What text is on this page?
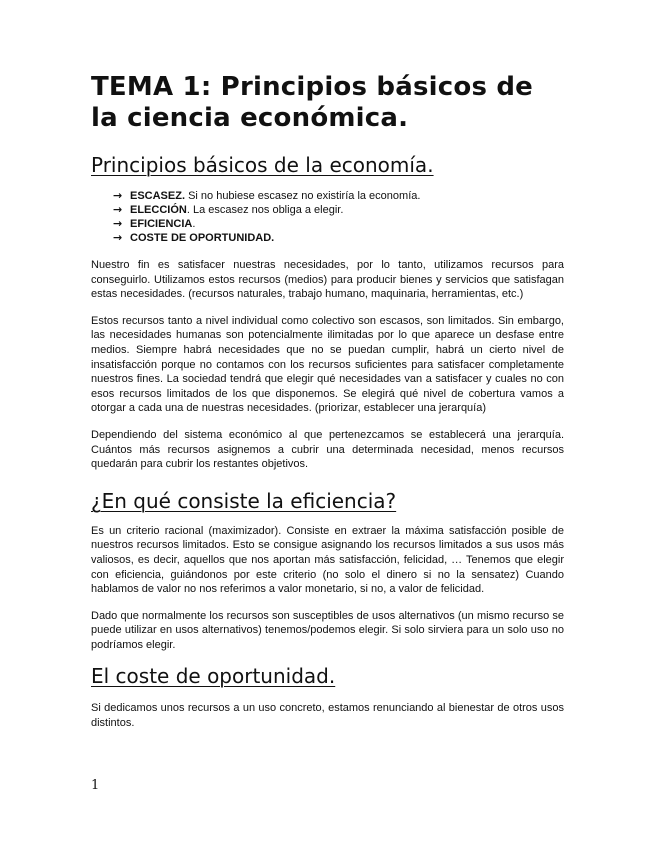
TEMA 1: Principios básicos de la ciencia económica.
Principios básicos de la economía.
→ ESCASEZ. Si no hubiese escasez no existiría la economía.
→ ELECCIÓN. La escasez nos obliga a elegir.
→ EFICIENCIA.
→ COSTE DE OPORTUNIDAD.

Nuestro fin es satisfacer nuestras necesidades, por lo tanto, utilizamos recursos para conseguirlo. Utilizamos estos recursos (medios) para producir bienes y servicios que satisfagan estas necesidades. (recursos naturales, trabajo humano, maquinaria, herramientas, etc.)

Estos recursos tanto a nivel individual como colectivo son escasos, son limitados. Sin embargo, las necesidades humanas son potencialmente ilimitadas por lo que aparece un desfase entre medios. Siempre habrá necesidades que no se puedan cumplir, habrá un cierto nivel de insatisfacción porque no contamos con los recursos suficientes para satisfacer completamente nuestros fines. La sociedad tendrá que elegir qué necesidades van a satisfacer y cuales no con esos recursos limitados de los que disponemos. Se elegirá qué nivel de cobertura vamos a otorgar a cada una de nuestras necesidades. (priorizar, establecer una jerarquía)

Dependiendo del sistema económico al que pertenezcamos se establecerá una jerarquía. Cuántos más recursos asignemos a cubrir una determinada necesidad, menos recursos quedarán para cubrir los restantes objetivos.

¿En qué consiste la eficiencia?

Es un criterio racional (maximizador). Consiste en extraer la máxima satisfacción posible de nuestros recursos limitados. Esto se consigue asignando los recursos limitados a sus usos más valiosos, es decir, aquellos que nos aportan más satisfacción, felicidad, … Tenemos que elegir con eficiencia, guiándonos por este criterio (no solo el dinero si no la sensatez) Cuando hablamos de valor no nos referimos a valor monetario, si no, a valor de felicidad.

Dado que normalmente los recursos son susceptibles de usos alternativos (un mismo recurso se puede utilizar en usos alternativos) tenemos/podemos elegir. Si solo sirviera para un solo uso no podríamos elegir.

El coste de oportunidad.

Si dedicamos unos recursos a un uso concreto, estamos renunciando al bienestar de otros usos distintos.

1
